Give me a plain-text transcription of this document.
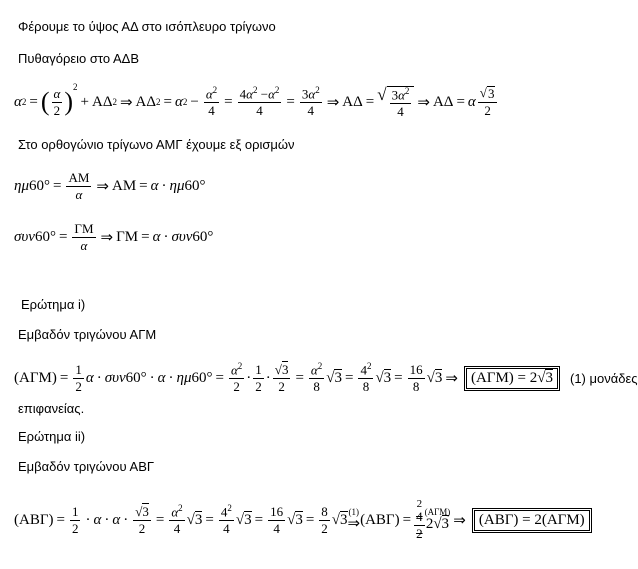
Φέρουμε το ύψος ΑΔ στο ισόπλευρο τρίγωνο
Πυθαγόρειο στο ΑΔΒ
α 2 = ( $\frac{\alpha}{2} )^2$
+ ΑΔ 2 ⇒ ΑΔ 2 = α $2 - \frac{\alpha^2}{4} = \frac{4\alpha^2 -\alpha^2}{4} = \frac{3\alpha^2}{4}$ ⇒ ΑΔ = √ $\frac{3\alpha^2}{4}$ ⇒ ΑΔ = α $\frac{√ 3}{2}$
Στο ορθογώνιο τρίγωνο ΑΜΓ έχουμε εξ ορισμών
ημ $60^\circ = \frac{AM}{\alpha}$ ⇒ ΑΜ = α · ημ 60°
συν $60^\circ = \frac{\Gamma M}{\alpha}$ ⇒ ΓΜ = α · συν 60°
Ερώτημα i)
Εμβαδόν τριγώνου ΑΓΜ
( ΑΓΜ ) = $\frac{1}{2}$ α · συν 60° · α · ημ $60^\circ = \frac{\alpha^2}{2} \cdot \frac{1}{2} \cdot \frac{√3}{2} = \frac{\alpha^2}{8}$ √ $3 = \frac{4^2}{8}$ √ $3 = \frac{16}{8}$ √ 3 ⇒ (ΑΓΜ) = 2√3	(1) μονάδες
επιφανείας.
Ερώτημα ii)
Εμβαδόν τριγώνου ΑΒΓ
( ΑΒΓ ) = $\frac{1}{2} \cdot \alpha \cdot \alpha \cdot \frac{√3}{2} = \frac{\alpha^2}{4}$ √ $3 = \frac{4^2}{4}$ √ $3 = \frac{16}{4}$ √ $3 = \frac{8}{2}$ √ 3 (1)
⇒ ( ΑΒΓ ) =
2
$\frac{4}{2} (A\Gamma M)$
2√3 ⇒ (ΑΒΓ) = 2(ΑΓΜ)
